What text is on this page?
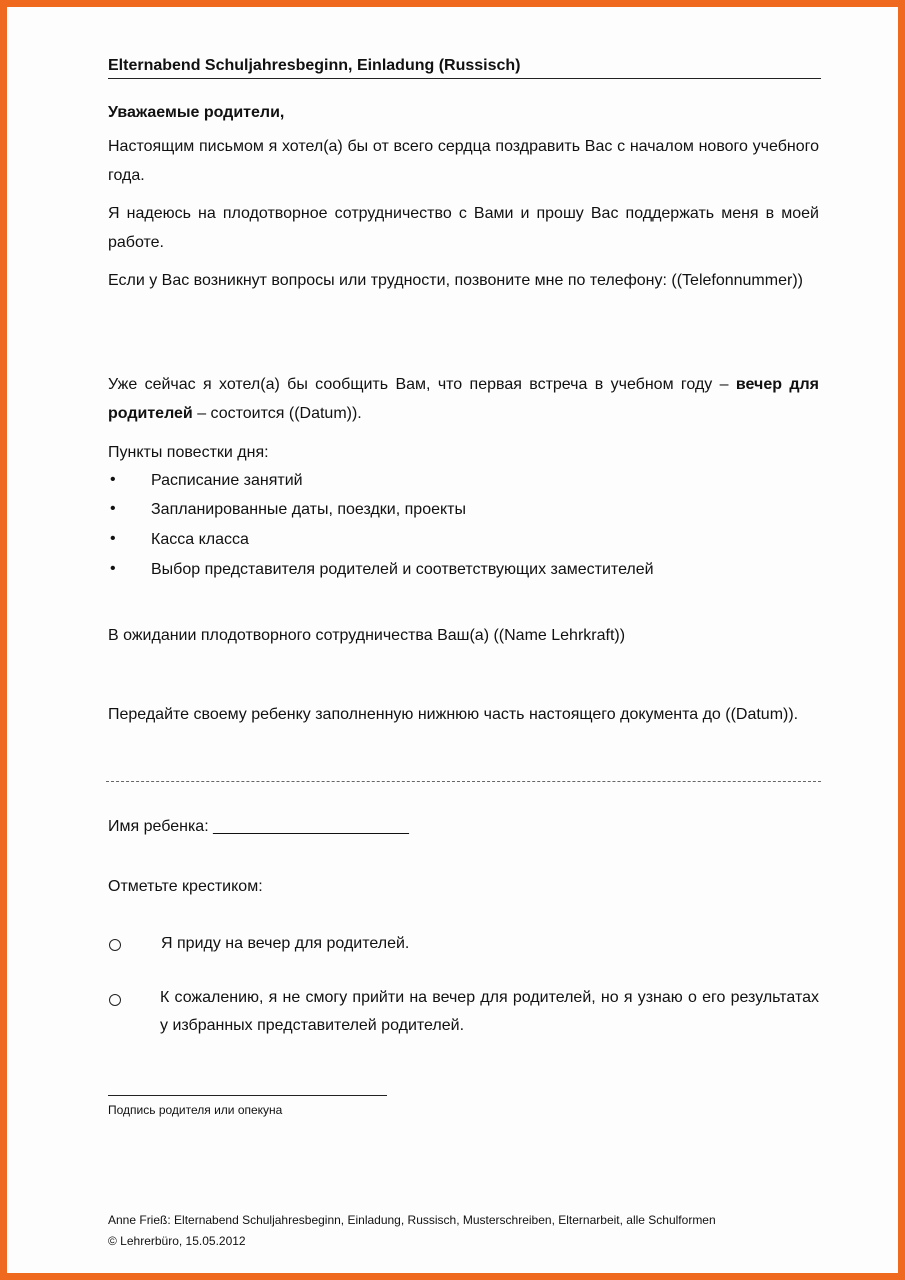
Elternabend Schuljahresbeginn, Einladung (Russisch)
Уважаемые родители,
Настоящим письмом я хотел(а) бы от всего сердца поздравить Вас с началом нового учебного года.
Я надеюсь на плодотворное сотрудничество с Вами и прошу Вас поддержать меня в моей работе.
Если у Вас возникнут вопросы или трудности, позвоните мне по телефону: ((Telefonnummer))
Уже сейчас я хотел(а) бы сообщить Вам, что первая встреча в учебном году – вечер для родителей – состоится ((Datum)).
Пункты повестки дня:
• Расписание занятий
• Запланированные даты, поездки, проекты
• Касса класса
• Выбор представителя родителей и соответствующих заместителей
В ожидании плодотворного сотрудничества Ваш(а) ((Name Lehrkraft))
Передайте своему ребенку заполненную нижнюю часть настоящего документа до ((Datum)).
Имя ребенка: ______________________
Отметьте крестиком:
Я приду на вечер для родителей.
К сожалению, я не смогу прийти на вечер для родителей, но я узнаю о его результатах у избранных представителей родителей.
Подпись родителя или опекуна
Anne Frieß: Elternabend Schuljahresbeginn, Einladung, Russisch, Musterschreiben, Elternarbeit, alle Schulformen
© Lehrerbüro, 15.05.2012
